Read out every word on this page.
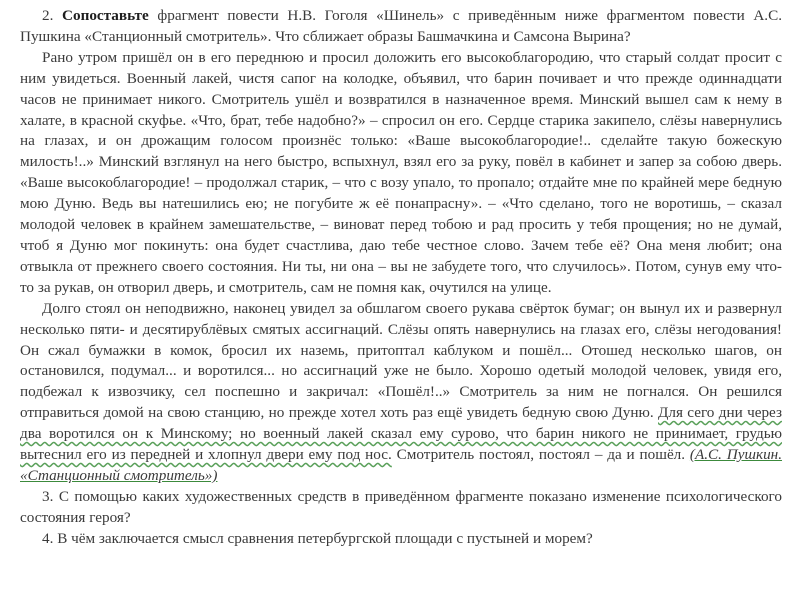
2. Сопоставьте фрагмент повести Н.В. Гоголя «Шинель» с приведённым ниже фрагментом повести А.С. Пушкина «Станционный смотритель». Что сближает образы Башмачкина и Самсона Вырина?

Рано утром пришёл он в его переднюю и просил доложить его высокоблагородию, что старый солдат просит с ним увидеться. Военный лакей, чистя сапог на колодке, объявил, что барин почивает и что прежде одиннадцати часов не принимает никого. Смотритель ушёл и возвратился в назначенное время. Минский вышел сам к нему в халате, в красной скуфье. «Что, брат, тебе надобно?» – спросил он его. Сердце старика закипело, слёзы навернулись на глазах, и он дрожащим голосом произнёс только: «Ваше высокоблагородие!.. сделайте такую божескую милость!..» Минский взглянул на него быстро, вспыхнул, взял его за руку, повёл в кабинет и запер за собою дверь. «Ваше высокоблагородие! – продолжал старик, – что с возу упало, то пропало; отдайте мне по крайней мере бедную мою Дуню. Ведь вы натешились ею; не погубите ж её понапрасну». – «Что сделано, того не воротишь, – сказал молодой человек в крайнем замешательстве, – виноват перед тобою и рад просить у тебя прощения; но не думай, чтоб я Дуню мог покинуть: она будет счастлива, даю тебе честное слово. Зачем тебе её? Она меня любит; она отвыкла от прежнего своего состояния. Ни ты, ни она – вы не забудете того, что случилось». Потом, сунув ему что-то за рукав, он отворил дверь, и смотритель, сам не помня как, очутился на улице.

Долго стоял он неподвижно, наконец увидел за обшлагом своего рукава свёрток бумаг; он вынул их и развернул несколько пяти- и десятирублёвых смятых ассигнаций. Слёзы опять навернулись на глазах его, слёзы негодования! Он сжал бумажки в комок, бросил их наземь, притоптал каблуком и пошёл... Отошед несколько шагов, он остановился, подумал... и воротился... но ассигнаций уже не было. Хорошо одетый молодой человек, увидя его, подбежал к извозчику, сел поспешно и закричал: «Пошёл!..» Смотритель за ним не погнался. Он решился отправиться домой на свою станцию, но прежде хотел хоть раз ещё увидеть бедную свою Дуню. Для сего дни через два воротился он к Минскому; но военный лакей сказал ему сурово, что барин никого не принимает, грудью вытеснил его из передней и хлопнул двери ему под нос. Смотритель постоял, постоял – да и пошёл. (А.С. Пушкин. «Станционный смотритель»)

3. С помощью каких художественных средств в приведённом фрагменте показано изменение психологического состояния героя?

4. В чём заключается смысл сравнения петербургской площади с пустыней и морем?
